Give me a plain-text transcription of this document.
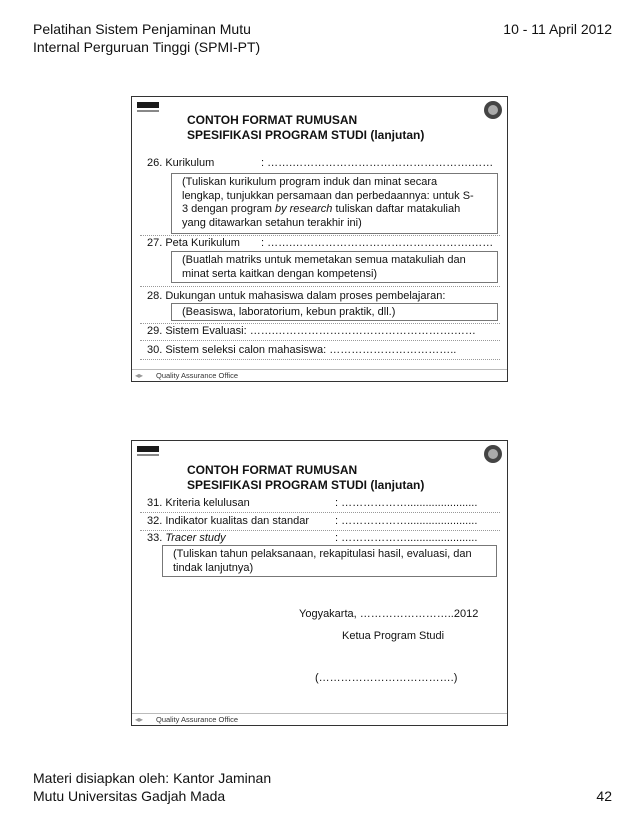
Pelatihan Sistem Penjaminan Mutu
Internal Perguruan Tinggi (SPMI-PT)
10 - 11 April 2012
CONTOH FORMAT RUMUSAN
SPESIFIKASI PROGRAM STUDI (lanjutan)
26. Kurikulum	: …….………………………………………….……
(Tuliskan kurikulum program induk dan minat secara
lengkap, tunjukkan persamaan dan perbedaannya: untuk S-
3 dengan program by research tuliskan daftar matakuliah
yang ditawarkan setahun terakhir ini)
27. Peta Kurikulum : …….………………………………………….……
(Buatlah matriks untuk memetakan semua matakuliah dan
minat serta kaitkan dengan kompetensi)
28. Dukungan untuk mahasiswa dalam proses pembelajaran:
(Beasiswa, laboratorium, kebun praktik, dll.)
29. Sistem Evaluasi: …….………………………………………….……
30. Sistem seleksi calon mahasiswa: ……………………………..
◂▸ Quality Assurance Office
CONTOH FORMAT RUMUSAN
SPESIFIKASI PROGRAM STUDI (lanjutan)
31. Kriteria kelulusan	: ……………….......................
32. Indikator kualitas dan standar : ……………….......................
33. Tracer study	: ……………….......................
(Tuliskan tahun pelaksanaan, rekapitulasi hasil, evaluasi, dan
tindak lanjutnya)
Yogyakarta, ……………………..2012
Ketua Program Studi
(……………………………….)
◂▸ Quality Assurance Office
Materi disiapkan oleh: Kantor Jaminan
Mutu Universitas Gadjah Mada	42
